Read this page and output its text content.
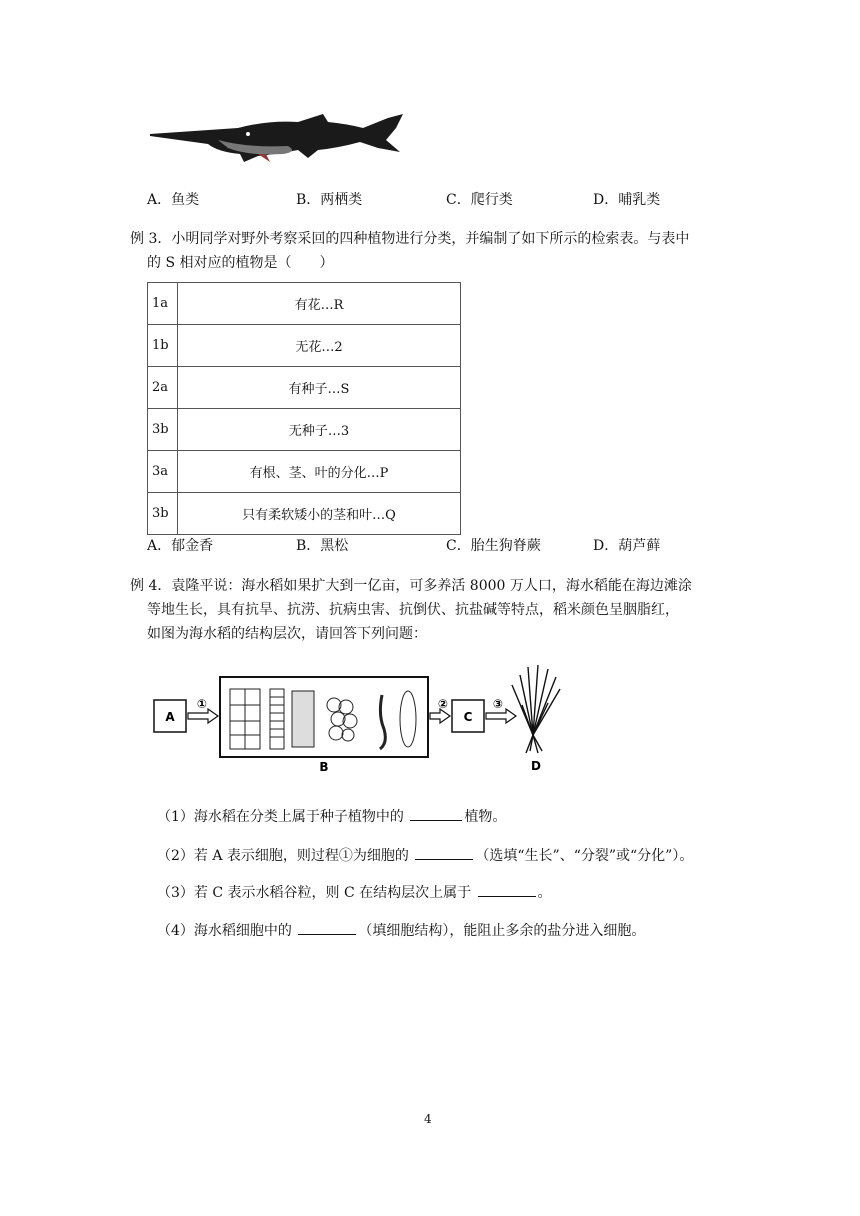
A．鱼类	B．两栖类	C．爬行类	D．哺乳类
例 3．小明同学对野外考察采回的四种植物进行分类，并编制了如下所示的检索表。与表中
的 S 相对应的植物是（　　）
1a	有花…R
1b	无花…2
2a	有种子…S
3b	无种子…3
3a	有根、茎、叶的分化…P
3b	只有柔软矮小的茎和叶…Q
A．郁金香	B．黑松	C．胎生狗脊蕨	D．葫芦藓
例 4．袁隆平说：海水稻如果扩大到一亿亩，可多养活 8000 万人口，海水稻能在海边滩涂
等地生长，具有抗旱、抗涝、抗病虫害、抗倒伏、抗盐碱等特点，稻米颜色呈胭脂红，
如图为海水稻的结构层次，请回答下列问题：
A
①
B
②
C
③
D
（1）海水稻在分类上属于种子植物中的	植物。
（2）若 A 表示细胞，则过程①为细胞的	（选填“生长”、“分裂”或“分化”）。
（3）若 C 表示水稻谷粒，则 C 在结构层次上属于	。
（4）海水稻细胞中的	（填细胞结构），能阻止多余的盐分进入细胞。
4
